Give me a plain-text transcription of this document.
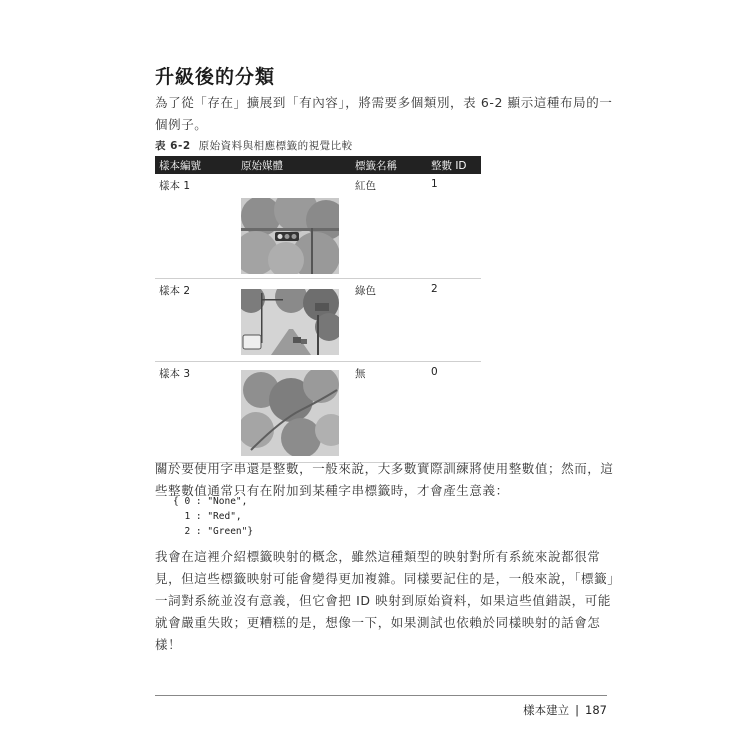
升級後的分類
為了從「存在」擴展到「有內容」，將需要多個類別，表 6-2 顯示這種布局的一個例子。
表 6-2 原始資料與相應標籤的視覺比較
樣本編號	原始媒體	標籤名稱	整數 ID
樣本 1		紅色	1
樣本 2		綠色	2
樣本 3		無	0
關於要使用字串還是整數，一般來說，大多數實際訓練將使用整數值；然而，這些整數值通常只有在附加到某種字串標籤時，才會產生意義：
{ 0 : "None",
1 : "Red",
2 : "Green"}
我會在這裡介紹標籤映射的概念，雖然這種類型的映射對所有系統來說都很常見，但這些標籤映射可能會變得更加複雜。同樣要記住的是，一般來說，「標籤」一詞對系統並沒有意義，但它會把 ID 映射到原始資料，如果這些值錯誤，可能就會嚴重失敗；更糟糕的是，想像一下，如果測試也依賴於同樣映射的話會怎樣！
樣本建立 | 187
